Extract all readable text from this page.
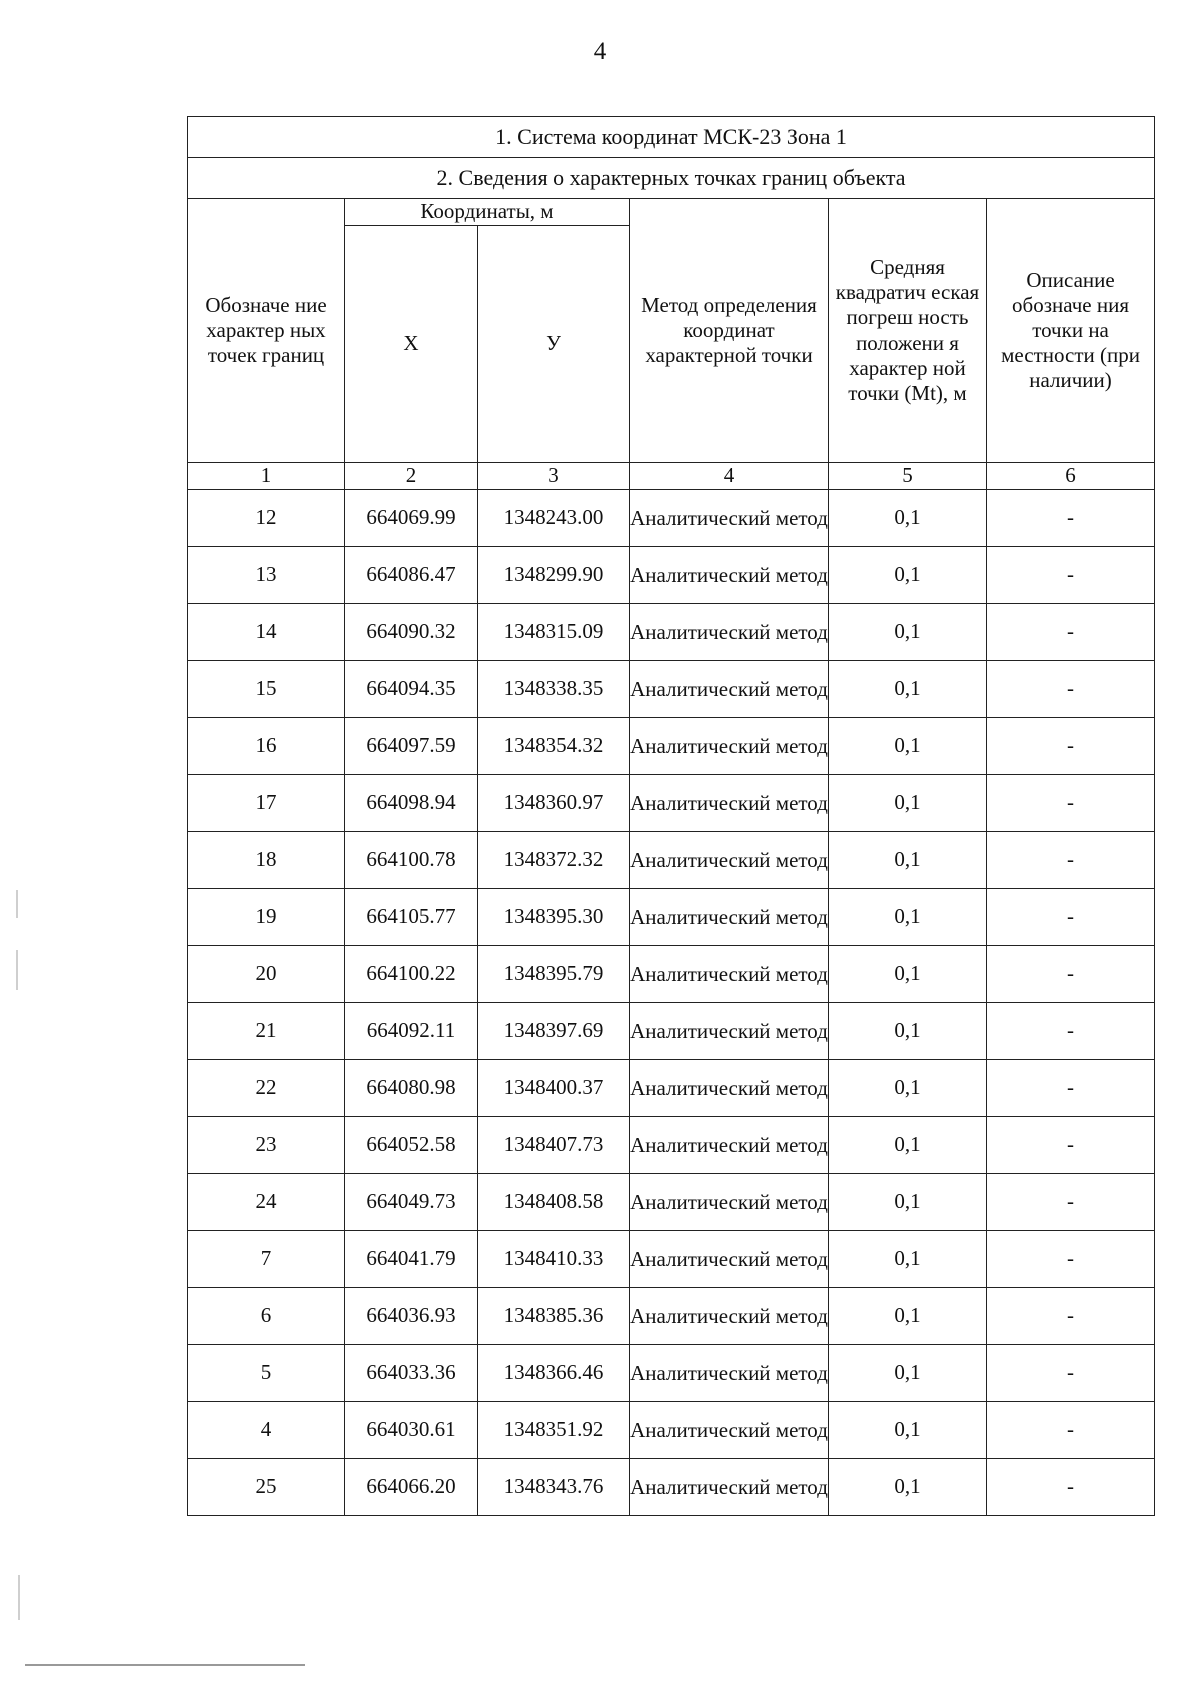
4
1. Система координат МСК-23 Зона 1					
2. Сведения о характерных точках границ объекта					
Обозначе ние характер ных точек границ	Координаты, м		Метод определения координат характерной точки	Средняя квадратич еская погреш ность положени я характер ной точки (Mt), м	Описание обозначе ния точки на местности (при наличии)
	Х	У			
1	2	3	4	5	6
12	664069.99	1348243.00	Аналитический метод	0,1	-
13	664086.47	1348299.90	Аналитический метод	0,1	-
14	664090.32	1348315.09	Аналитический метод	0,1	-
15	664094.35	1348338.35	Аналитический метод	0,1	-
16	664097.59	1348354.32	Аналитический метод	0,1	-
17	664098.94	1348360.97	Аналитический метод	0,1	-
18	664100.78	1348372.32	Аналитический метод	0,1	-
19	664105.77	1348395.30	Аналитический метод	0,1	-
20	664100.22	1348395.79	Аналитический метод	0,1	-
21	664092.11	1348397.69	Аналитический метод	0,1	-
22	664080.98	1348400.37	Аналитический метод	0,1	-
23	664052.58	1348407.73	Аналитический метод	0,1	-
24	664049.73	1348408.58	Аналитический метод	0,1	-
7	664041.79	1348410.33	Аналитический метод	0,1	-
6	664036.93	1348385.36	Аналитический метод	0,1	-
5	664033.36	1348366.46	Аналитический метод	0,1	-
4	664030.61	1348351.92	Аналитический метод	0,1	-
25	664066.20	1348343.76	Аналитический метод	0,1	-
